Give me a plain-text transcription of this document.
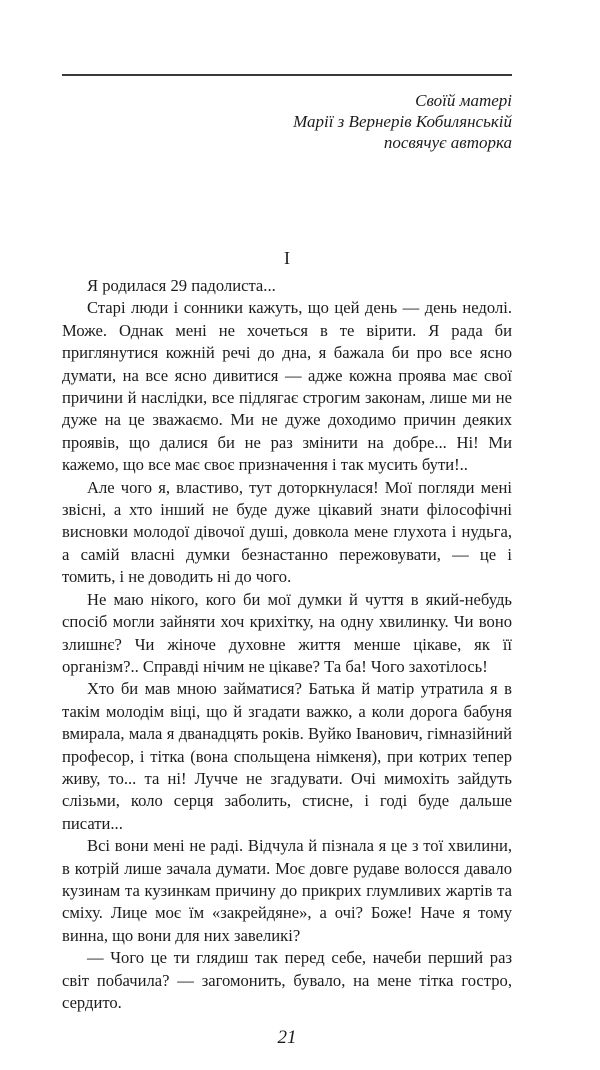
Своїй матері
Марії з Вернерів Кобилянській
посвячує авторка
I

Я родилася 29 падолиста...

Старі люди і сонники кажуть, що цей день — день недолі. Може. Однак мені не хочеться в те вірити. Я рада би приглянутися кожній речі до дна, я бажала би про все ясно думати, на все ясно дивитися — адже кожна проява має свої причини й наслідки, все підлягає строгим законам, лише ми не дуже на це зважаємо. Ми не дуже доходимо причин деяких проявів, що далися би не раз змінити на добре... Ні! Ми кажемо, що все має своє призначення і так мусить бути!..

Але чого я, властиво, тут доторкнулася! Мої погляди мені звісні, а хто інший не буде дуже цікавий знати філософічні висновки молодої дівочої душі, довкола мене глухота і нудьга, а самій власні думки безнастанно пережовувати, — це і томить, і не доводить ні до чого.

Не маю нікого, кого би мої думки й чуття в який-небудь спосіб могли зайняти хоч крихітку, на одну хвилинку. Чи воно злишнє? Чи жіноче духовне життя менше цікаве, як її організм?.. Справді нічим не цікаве? Та ба! Чого захотілось!

Хто би мав мною займатися? Батька й матір утратила я в такім молодім віці, що й згадати важко, а коли дорога бабуня вмирала, мала я дванадцять років. Вуйко Іванович, гімназійний професор, і тітка (вона спольщена німкеня), при котрих тепер живу, то... та ні! Лучче не згадувати. Очі мимохіть зайдуть слізьми, коло серця заболить, стисне, і годі буде дальше писати...

Всі вони мені не раді. Відчула й пізнала я це з тої хвилини, в котрій лише зачала думати. Моє довге рудаве волосся давало кузинам та кузинкам причину до прикрих глумливих жартів та сміху. Лице моє їм «закрейдяне», а очі? Боже! Наче я тому винна, що вони для них завеликі?

— Чого це ти глядиш так перед себе, начеби перший раз світ побачила? — загомонить, бувало, на мене тітка гостро, сердито.

21
